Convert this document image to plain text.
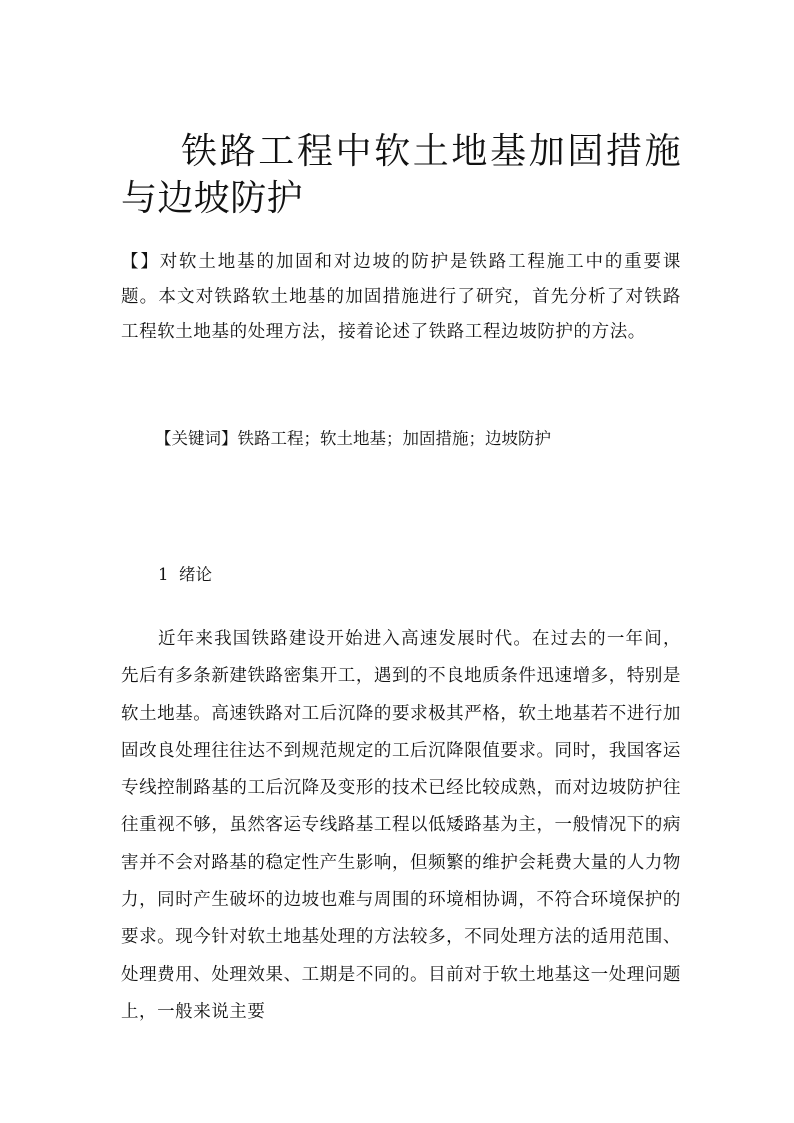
铁路工程中软土地基加固措施与边坡防护

【】对软土地基的加固和对边坡的防护是铁路工程施工中的重要课题。本文对铁路软土地基的加固措施进行了研究，首先分析了对铁路工程软土地基的处理方法，接着论述了铁路工程边坡防护的方法。

【关键词】铁路工程；软土地基；加固措施；边坡防护

1  绪论

近年来我国铁路建设开始进入高速发展时代。在过去的一年间，先后有多条新建铁路密集开工，遇到的不良地质条件迅速增多，特别是软土地基。高速铁路对工后沉降的要求极其严格，软土地基若不进行加固改良处理往往达不到规范规定的工后沉降限值要求。同时，我国客运专线控制路基的工后沉降及变形的技术已经比较成熟，而对边坡防护往往重视不够，虽然客运专线路基工程以低矮路基为主，一般情况下的病害并不会对路基的稳定性产生影响，但频繁的维护会耗费大量的人力物力，同时产生破坏的边坡也难与周围的环境相协调，不符合环境保护的要求。现今针对软土地基处理的方法较多，不同处理方法的适用范围、处理费用、处理效果、工期是不同的。目前对于软土地基这一处理问题上，一般来说主要
